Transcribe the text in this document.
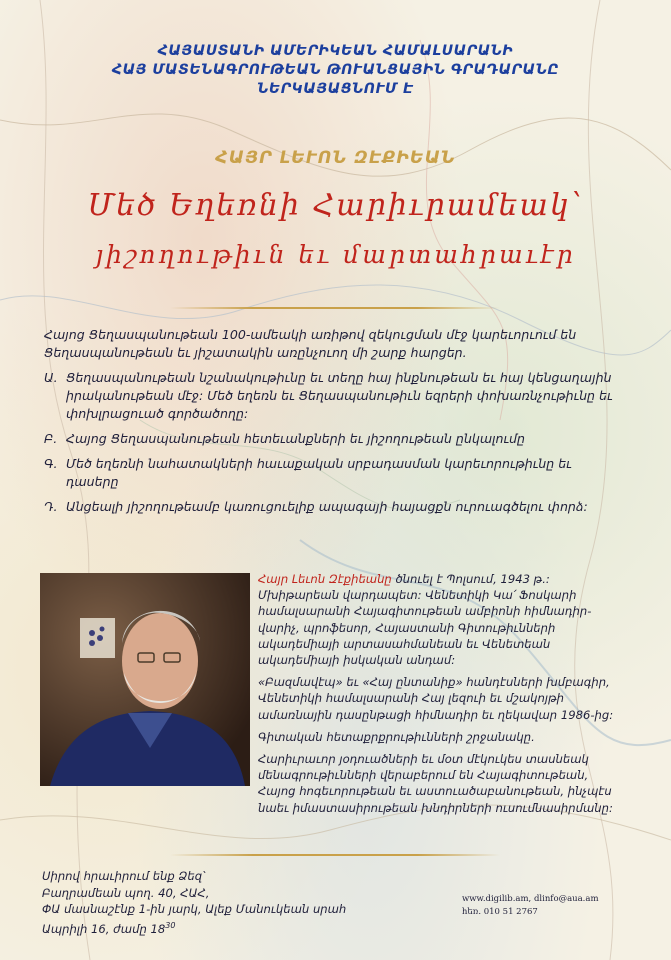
ՀԱՅԱՍՏԱՆԻ ԱՄԵՐԻԿԵԱՆ ՀԱՄԱԼՍԱՐԱՆԻ
ՀԱՅ ՄԱՏԵՆԱԳՐՈՒԹԵԱՆ ԹՈՒԱՆՑԱՅԻՆ ԳՐԱԴԱՐԱՆԸ
ՆԵՐԿԱՅԱՑՆՈՒՄ Է
ՀԱՅՐ ԼԵՒՈՆ ԶԷՔԻԵԱՆ
Մեծ Եղեռնի Հարիւրամեակ՝
յիշողութիւն եւ մարտահրաւէր

Հայոց Ցեղասպանութեան 100-ամեակի առիթով զեկուցման մէջ կարեւորւում են Ցեղասպանութեան եւ յիշատակին առընչուող մի շարք հարցեր.

Ա. Ցեղասպանութեան նշանակութիւնը եւ տեղը հայ ինքնութեան եւ հայ կենցաղային իրականութեան մէջ: Մեծ եղեռն եւ Ցեղասպանութիւն եզրերի փոխառնչութիւնը եւ փոխլրացուած գործածողը:
Բ. Հայոց Ցեղասպանութեան հետեւանքների եւ յիշողութեան ընկալումը
Գ. Մեծ եղեռնի նահատակների հաւաքական սրբադասման կարեւորութիւնը եւ դասերը
Դ. Անցեալի յիշողութեամբ կառուցուելիք ապագայի հայացքն ուրուագծելու փորձ:

Հայր Լեւոն Զէքիեանը ծնուել է Պոլսում, 1943 թ.: Մխիթարեան վարդապետ: Վենետիկի Կա՛ Ֆոսկարի համալսարանի Հայագիտութեան ամբիոնի հիմնադիր-վարիչ, պրոֆեսոր, Հայաստանի Գիտութիւնների ակադեմիայի արտասահմանեան եւ Վենետեան ակադեմիայի իսկական անդամ:

«Բազմավէպ» եւ «Հայ ընտանիք» հանդէսների խմբագիր, Վենետիկի համալսարանի Հայ լեզուի եւ մշակոյթի ամառնային դասընթացի հիմնադիր եւ ղեկավար 1986-ից:

Գիտական հետաքրքրութիւնների շրջանակը.

Հարիւրաւոր յօդուածների եւ մօտ մէկուկես տասնեակ մենագրութիւնների վերաբերում են Հայագիտութեան, Հայոց հոգեւորութեան եւ աստուածաբանութեան, ինչպէս նաեւ իմաստասիրութեան խնդիրների ուսումնասիրմանը:

Սիրով հրաւիրում ենք Ձեզ՝
Բաղրամեան պող. 40, ՀԱՀ,
ՓԱ մասնաշէնք 1-ին յարկ, Ալեք Մանուկեան սրահ
Ապրիլի 16, ժամը $18^{30}$
www.digilib.am, dlinfo@aua.am
հեռ. 010 51 2767
